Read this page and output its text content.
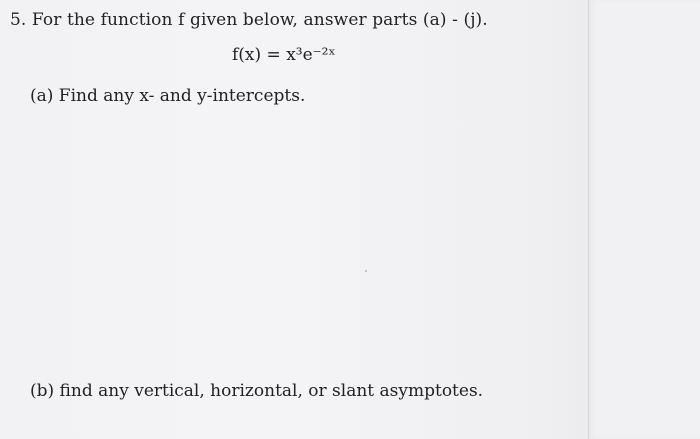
5. For the function f given below, answer parts (a) - (j).
f(x) = x³e⁻²ˣ
(a) Find any x- and y-intercepts.
(b) find any vertical, horizontal, or slant asymptotes.
